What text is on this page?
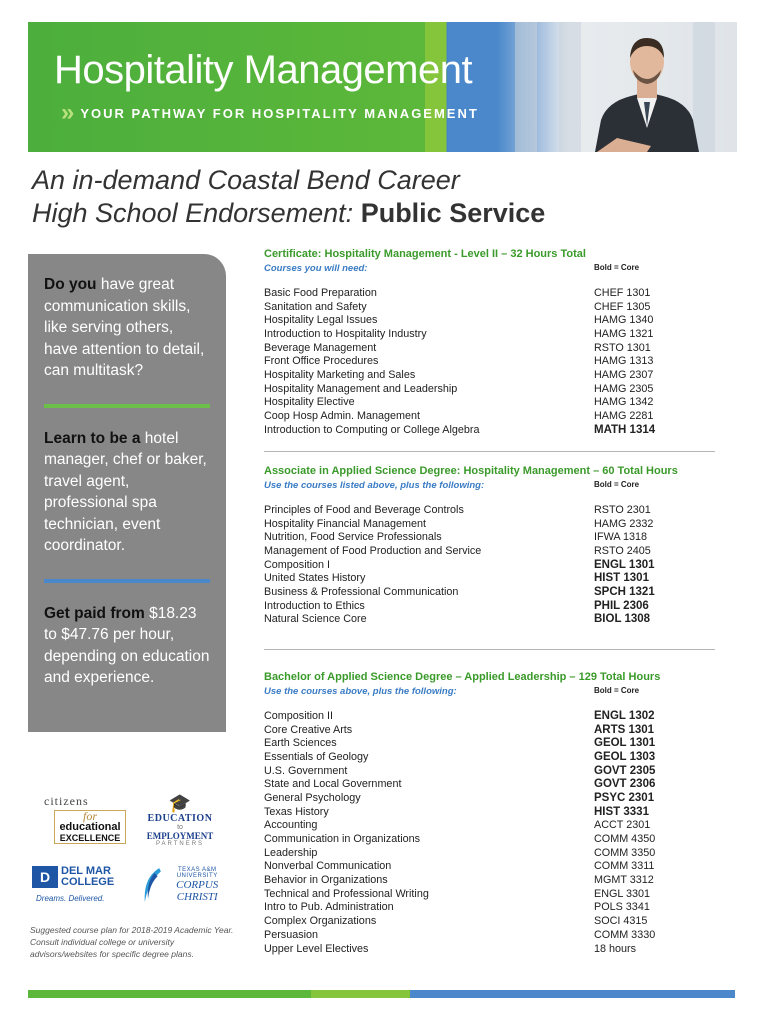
Hospitality Management
» YOUR PATHWAY FOR HOSPITALITY MANAGEMENT
An in-demand Coastal Bend Career
High School Endorsement: Public Service

Do you have great communication skills, like serving others, have attention to detail, can multitask?

Learn to be a hotel manager, chef or baker, travel agent, professional spa technician, event coordinator.

Get paid from $18.23 to $47.76 per hour, depending on education and experience.

citizens
for
educational
EXCELLENCE
🎓
EDUCATION
to
EMPLOYMENT
PARTNERS
D DEL MAR
COLLEGE
Dreams. Delivered.
TEXAS A&M UNIVERSITY
CORPUS
CHRISTI
Suggested course plan for 2018-2019 Academic Year. Consult individual college or university advisors/websites for specific degree plans.
Certificate: Hospitality Management - Level II – 32 Hours Total
Courses you will need:	Bold = Core
Basic Food Preparation	CHEF 1301
Sanitation and Safety	CHEF 1305
Hospitality Legal Issues	HAMG 1340
Introduction to Hospitality Industry	HAMG 1321
Beverage Management	RSTO 1301
Front Office Procedures	HAMG 1313
Hospitality Marketing and Sales	HAMG 2307
Hospitality Management and Leadership	HAMG 2305
Hospitality Elective	HAMG 1342
Coop Hosp Admin. Management	HAMG 2281
Introduction to Computing or College Algebra	MATH 1314
Associate in Applied Science Degree: Hospitality Management – 60 Total Hours
Use the courses listed above, plus the following:	Bold = Core
Principles of Food and Beverage Controls	RSTO 2301
Hospitality Financial Management	HAMG 2332
Nutrition, Food Service Professionals	IFWA 1318
Management of Food Production and Service	RSTO 2405
Composition I	ENGL 1301
United States History	HIST 1301
Business & Professional Communication	SPCH 1321
Introduction to Ethics	PHIL 2306
Natural Science Core	BIOL 1308
Bachelor of Applied Science Degree – Applied Leadership – 129 Total Hours
Use the courses above, plus the following:	Bold = Core
Composition II	ENGL 1302
Core Creative Arts	ARTS 1301
Earth Sciences	GEOL 1301
Essentials of Geology	GEOL 1303
U.S. Government	GOVT 2305
State and Local Government	GOVT 2306
General Psychology	PSYC 2301
Texas History	HIST 3331
Accounting	ACCT 2301
Communication in Organizations	COMM 4350
Leadership	COMM 3350
Nonverbal Communication	COMM 3311
Behavior in Organizations	MGMT 3312
Technical and Professional Writing	ENGL 3301
Intro to Pub. Administration	POLS 3341
Complex Organizations	SOCI 4315
Persuasion	COMM 3330
Upper Level Electives	18 hours
